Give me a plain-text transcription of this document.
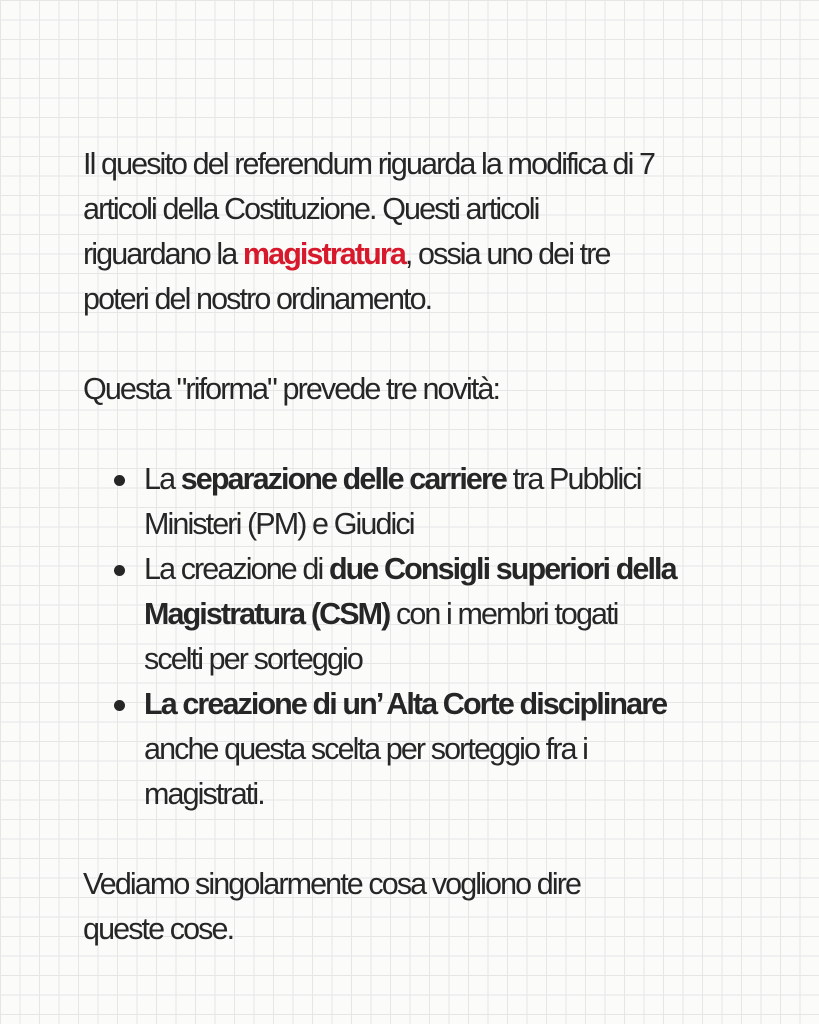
Il quesito del referendum riguarda la modifica di 7
articoli della Costituzione. Questi articoli
riguardano la magistratura, ossia uno dei tre
poteri del nostro ordinamento.

Questa "riforma" prevede tre novità:

La separazione delle carriere tra Pubblici
Ministeri (PM) e Giudici
La creazione di due Consigli superiori della
Magistratura (CSM) con i membri togati
scelti per sorteggio
La creazione di un’ Alta Corte disciplinare
anche questa scelta per sorteggio fra i
magistrati.

Vediamo singolarmente cosa vogliono dire
queste cose.
